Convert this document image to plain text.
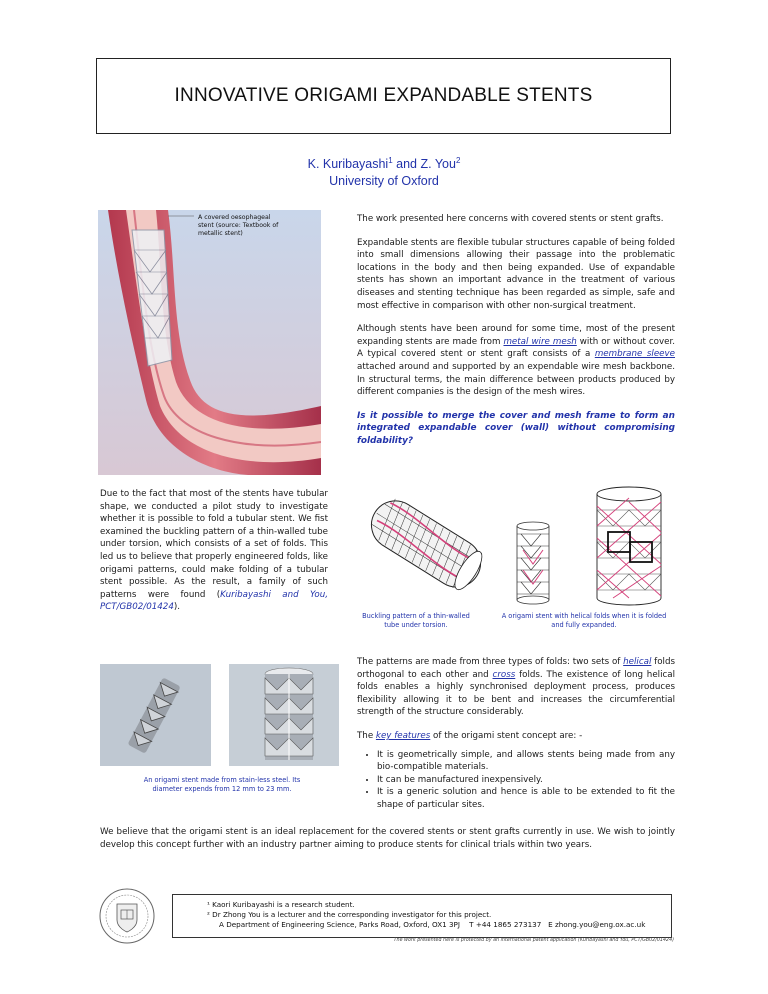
INNOVATIVE ORIGAMI EXPANDABLE STENTS
K. Kuribayashi$^1$ and Z. You$^2$
University of Oxford
A covered oesophageal stent (source: Textbook of metallic stent)

The work presented here concerns with covered stents or stent grafts.

Expandable stents are flexible tubular structures capable of being folded into small dimensions allowing their passage into the problematic locations in the body and then being expanded. Use of expandable stents has shown an important advance in the treatment of various diseases and stenting technique has been regarded as simple, safe and most effective in comparison with other non-surgical treatment.

Although stents have been around for some time, most of the present expanding stents are made from metal wire mesh with or without cover. A typical covered stent or stent graft consists of a membrane sleeve attached around and supported by an expendable wire mesh backbone. In structural terms, the main difference between products produced by different companies is the design of the mesh wires.

Is it possible to merge the cover and mesh frame to form an integrated expandable cover (wall) without compromising foldability?
Due to the fact that most of the stents have tubular shape, we conducted a pilot study to investigate whether it is possible to fold a tubular stent. We fist examined the buckling pattern of a thin-walled tube under torsion, which consists of a set of folds. This led us to believe that properly engineered folds, like origami patterns, could make folding of a tubular stent possible. As the result, a family of such patterns were found (Kuribayashi and You, PCT/GB02/01424).
Buckling pattern of a thin-walled tube under torsion.
A origami stent with helical folds when it is folded and fully expanded.
An origami stent made from stain-less steel. Its diameter expends from 12 mm to 23 mm.

The patterns are made from three types of folds: two sets of helical folds orthogonal to each other and cross folds. The existence of long helical folds enables a highly synchronised deployment process, produces flexibility allowing it to be bent and increases the circumferential strength of the structure considerably.

The key features of the origami stent concept are: -

• It is geometrically simple, and allows stents being made from any bio-compatible materials.
• It can be manufactured inexpensively.
• It is a generic solution and hence is able to be extended to fit the shape of particular sites.
We believe that the origami stent is an ideal replacement for the covered stents or stent grafts currently in use. We wish to jointly develop this concept further with an industry partner aiming to produce stents for clinical trials within two years.
¹ Kaori Kuribayashi is a research student.
² Dr Zhong You is a lecturer and the corresponding investigator for this project.
A Department of Engineering Science, Parks Road, Oxford, OX1 3PJ    T +44 1865 273137   E zhong.you@eng.ox.ac.uk
The work presented here is protected by an international patent application (Kuribayashi and You, PCT/GB02/01424)
